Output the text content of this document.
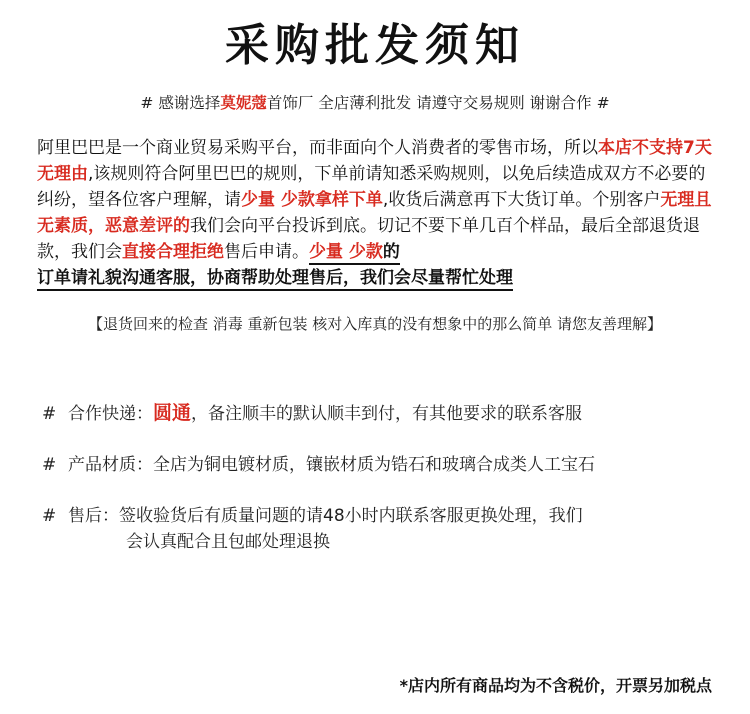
采购批发须知
# 感谢选择莫妮蔻首饰厂 全店薄利批发 请遵守交易规则 谢谢合作 #
阿里巴巴是一个商业贸易采购平台，而非面向个人消费者的零售市场，所以本店不支持7天无理由,该规则符合阿里巴巴的规则，下单前请知悉采购规则，以免后续造成双方不必要的纠纷，望各位客户理解，请少量 少款拿样下单,收货后满意再下大货订单。个别客户无理且无素质，恶意差评的我们会向平台投诉到底。切记不要下单几百个样品，最后全部退货退款，我们会直接合理拒绝售后申请。少量 少款的
订单请礼貌沟通客服，协商帮助处理售后，我们会尽量帮忙处理
【退货回来的检查 消毒 重新包装 核对入库真的没有想象中的那么简单 请您友善理解】
# 合作快递：圆通，备注顺丰的默认顺丰到付，有其他要求的联系客服
# 产品材质：全店为铜电镀材质，镶嵌材质为锆石和玻璃合成类人工宝石
# 售后：签收验货后有质量问题的请48小时内联系客服更换处理，我们
会认真配合且包邮处理退换
*店内所有商品均为不含税价，开票另加税点
